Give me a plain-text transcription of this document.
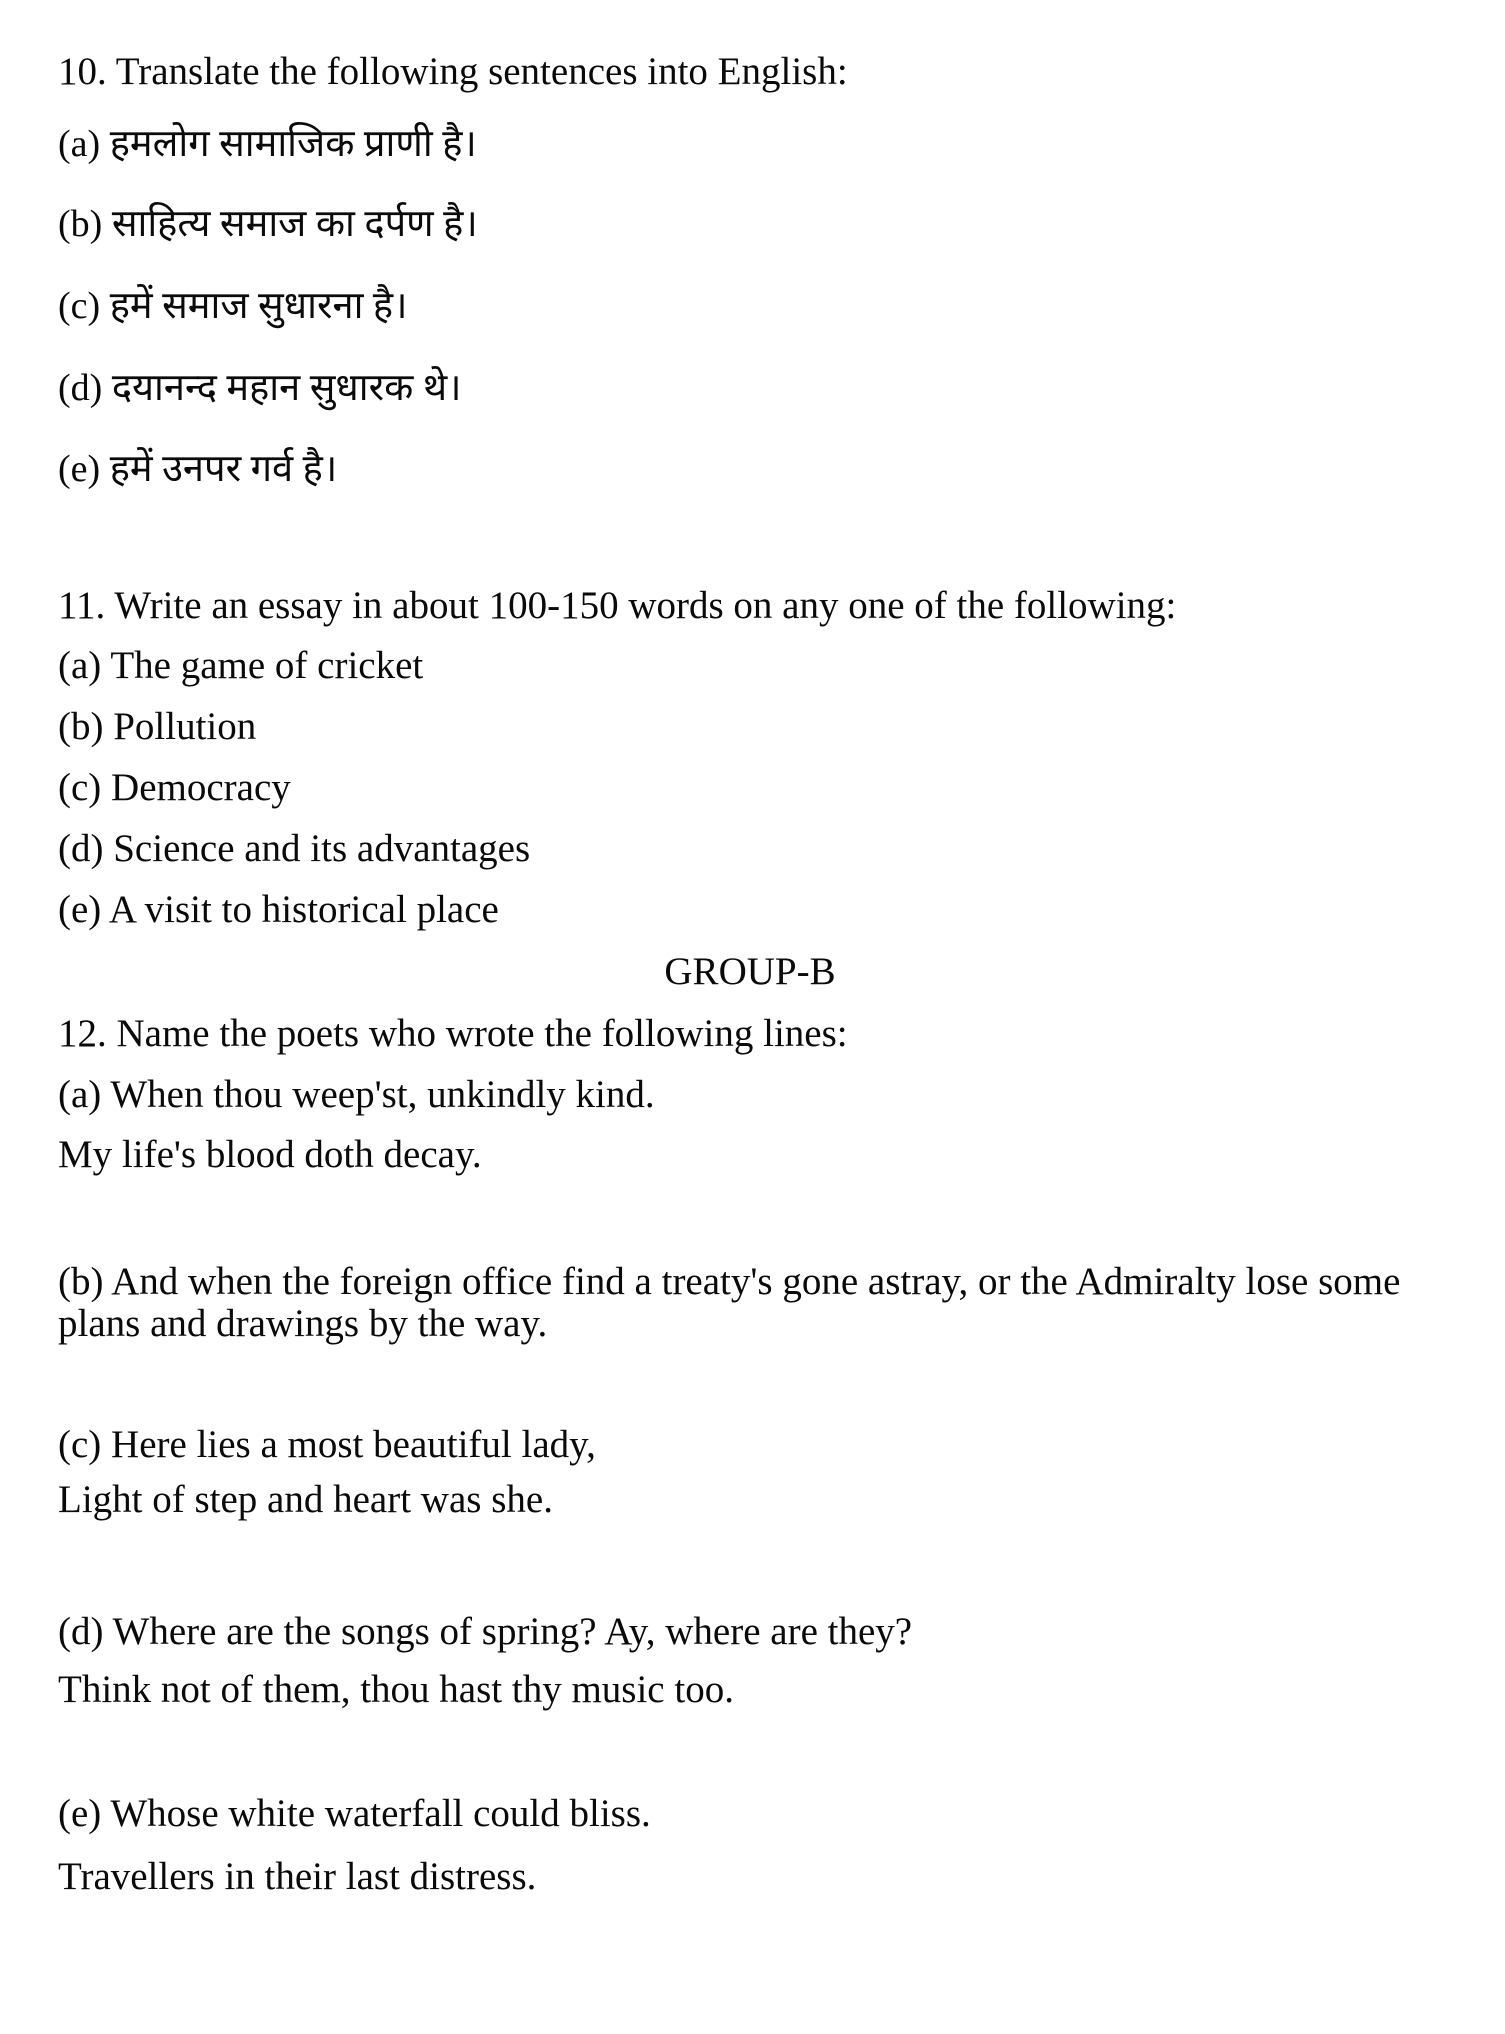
10. Translate the following sentences into English:
(a) हमलोग सामाजिक प्राणी है।
(b) साहित्य समाज का दर्पण है।
(c) हमें समाज सुधारना है।
(d) दयानन्द महान सुधारक थे।
(e) हमें उनपर गर्व है।
11. Write an essay in about 100-150 words on any one of the following:
(a) The game of cricket
(b) Pollution
(c) Democracy
(d) Science and its advantages
(e) A visit to historical place
GROUP-B
12. Name the poets who wrote the following lines:
(a) When thou weep'st, unkindly kind.
My life's blood doth decay.
(b) And when the foreign office find a treaty's gone astray, or the Admiralty lose some
plans and drawings by the way.
(c) Here lies a most beautiful lady,
Light of step and heart was she.
(d) Where are the songs of spring? Ay, where are they?
Think not of them, thou hast thy music too.
(e) Whose white waterfall could bliss.
Travellers in their last distress.
